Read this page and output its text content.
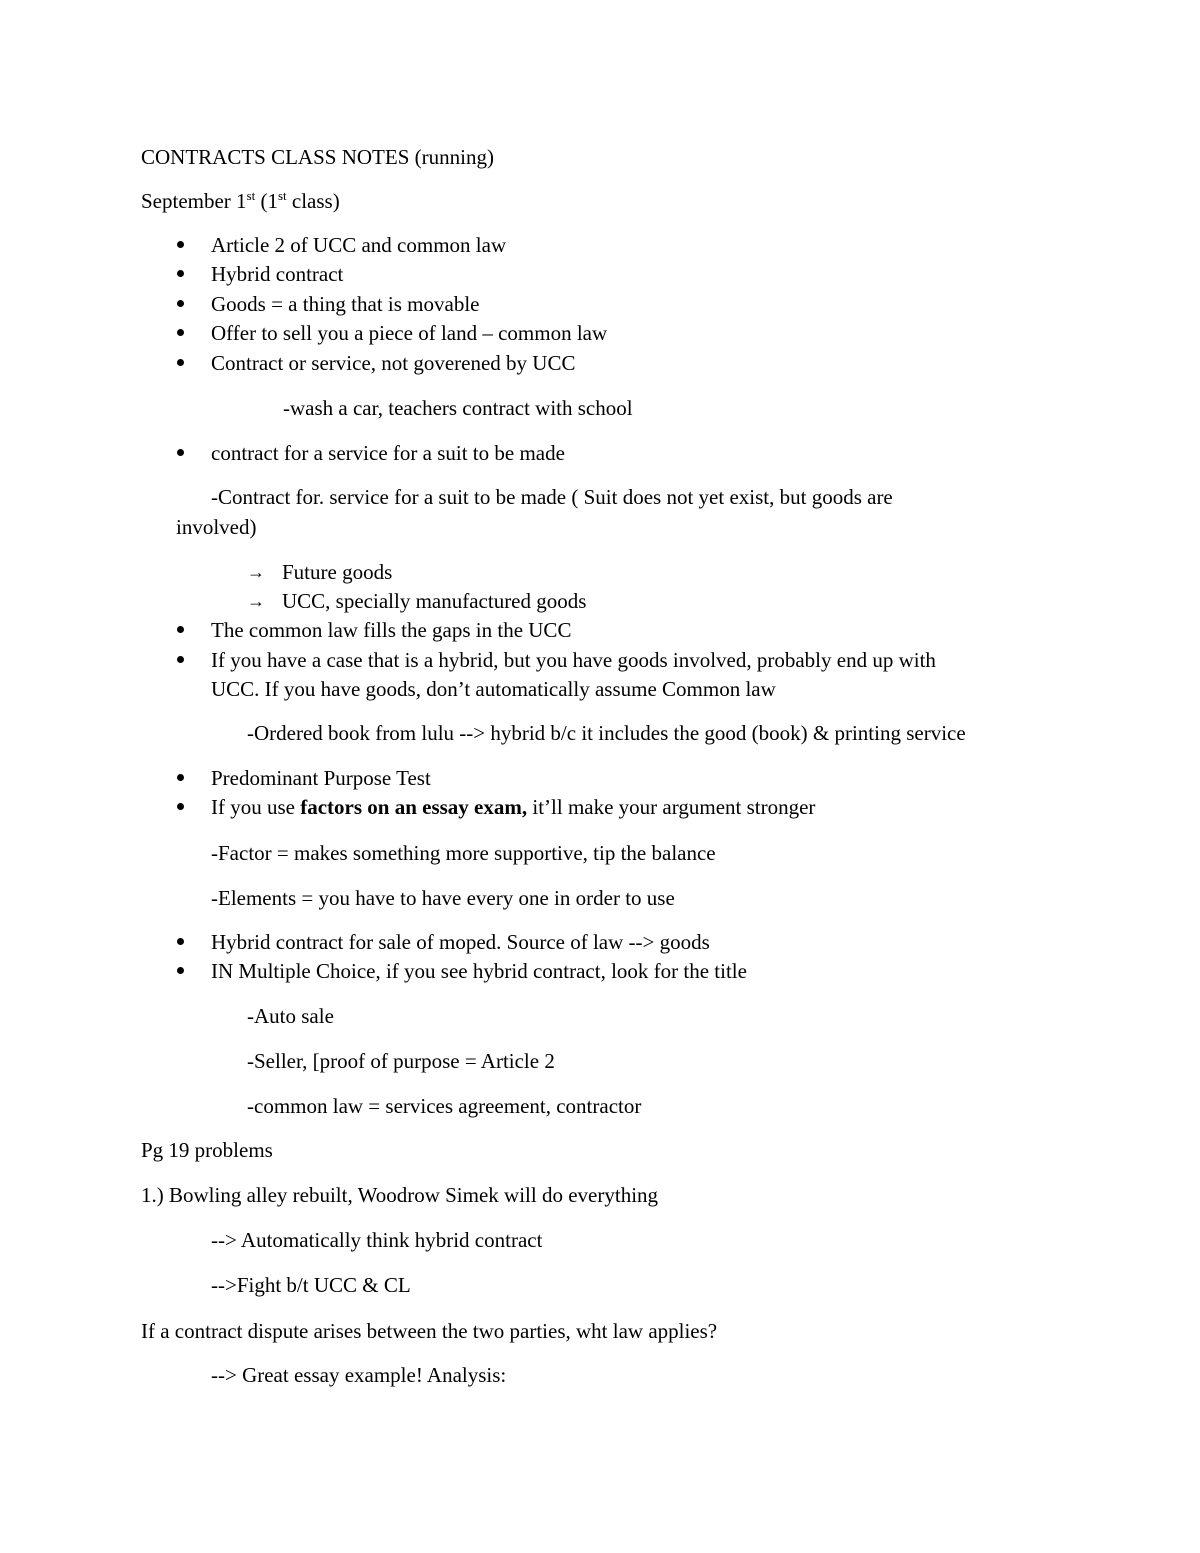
CONTRACTS CLASS NOTES (running)
September 1st (1st class)
Article 2 of UCC and common law
Hybrid contract
Goods = a thing that is movable
Offer to sell you a piece of land – common law
Contract or service, not goverened by UCC
-wash a car, teachers contract with school
contract for a service for a suit to be made
-Contract for. service for a suit to be made ( Suit does not yet exist, but goods are
involved)
→ Future goods
→ UCC, specially manufactured goods
The common law fills the gaps in the UCC
If you have a case that is a hybrid, but you have goods involved, probably end up with
UCC. If you have goods, don’t automatically assume Common law
-Ordered book from lulu --> hybrid b/c it includes the good (book) & printing service
Predominant Purpose Test
If you use factors on an essay exam, it’ll make your argument stronger
-Factor = makes something more supportive, tip the balance
-Elements = you have to have every one in order to use
Hybrid contract for sale of moped. Source of law --> goods
IN Multiple Choice, if you see hybrid contract, look for the title
-Auto sale
-Seller, [proof of purpose = Article 2
-common law = services agreement, contractor
Pg 19 problems
1.) Bowling alley rebuilt, Woodrow Simek will do everything
--> Automatically think hybrid contract
-->Fight b/t UCC & CL
If a contract dispute arises between the two parties, wht law applies?
--> Great essay example! Analysis:
